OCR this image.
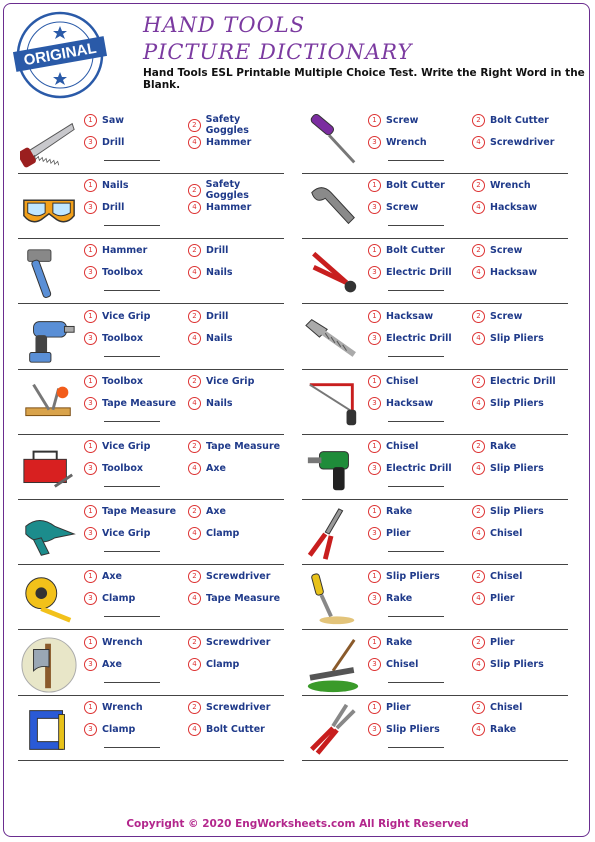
ORIGINAL
HAND TOOLS
PICTURE DICTIONARY
Hand Tools ESL Printable Multiple Choice Test. Write the Right Word in the Blank.
1 Saw	2 Safety Goggles
3 Drill	4 Hammer
1 Nails	2 Safety Goggles
3 Drill	4 Hammer
1 Hammer	2 Drill
3 Toolbox	4 Nails
1 Vice Grip	2 Drill
3 Toolbox	4 Nails
1 Toolbox	2 Vice Grip
3 Tape Measure	4 Nails
1 Vice Grip	2 Tape Measure
3 Toolbox	4 Axe
1 Tape Measure	2 Axe
3 Vice Grip	4 Clamp
1 Axe	2 Screwdriver
3 Clamp	4 Tape Measure
1 Wrench	2 Screwdriver
3 Axe	4 Clamp
1 Wrench	2 Screwdriver
3 Clamp	4 Bolt Cutter
1 Screw	2 Bolt Cutter
3 Wrench	4 Screwdriver
1 Bolt Cutter	2 Wrench
3 Screw	4 Hacksaw
1 Bolt Cutter	2 Screw
3 Electric Drill	4 Hacksaw
1 Hacksaw	2 Screw
3 Electric Drill	4 Slip Pliers
1 Chisel	2 Electric Drill
3 Hacksaw	4 Slip Pliers
1 Chisel	2 Rake
3 Electric Drill	4 Slip Pliers
1 Rake	2 Slip Pliers
3 Plier	4 Chisel
1 Slip Pliers	2 Chisel
3 Rake	4 Plier
1 Rake	2 Plier
3 Chisel	4 Slip Pliers
1 Plier	2 Chisel
3 Slip Pliers	4 Rake
Copyright © 2020 EngWorksheets.com All Right Reserved
